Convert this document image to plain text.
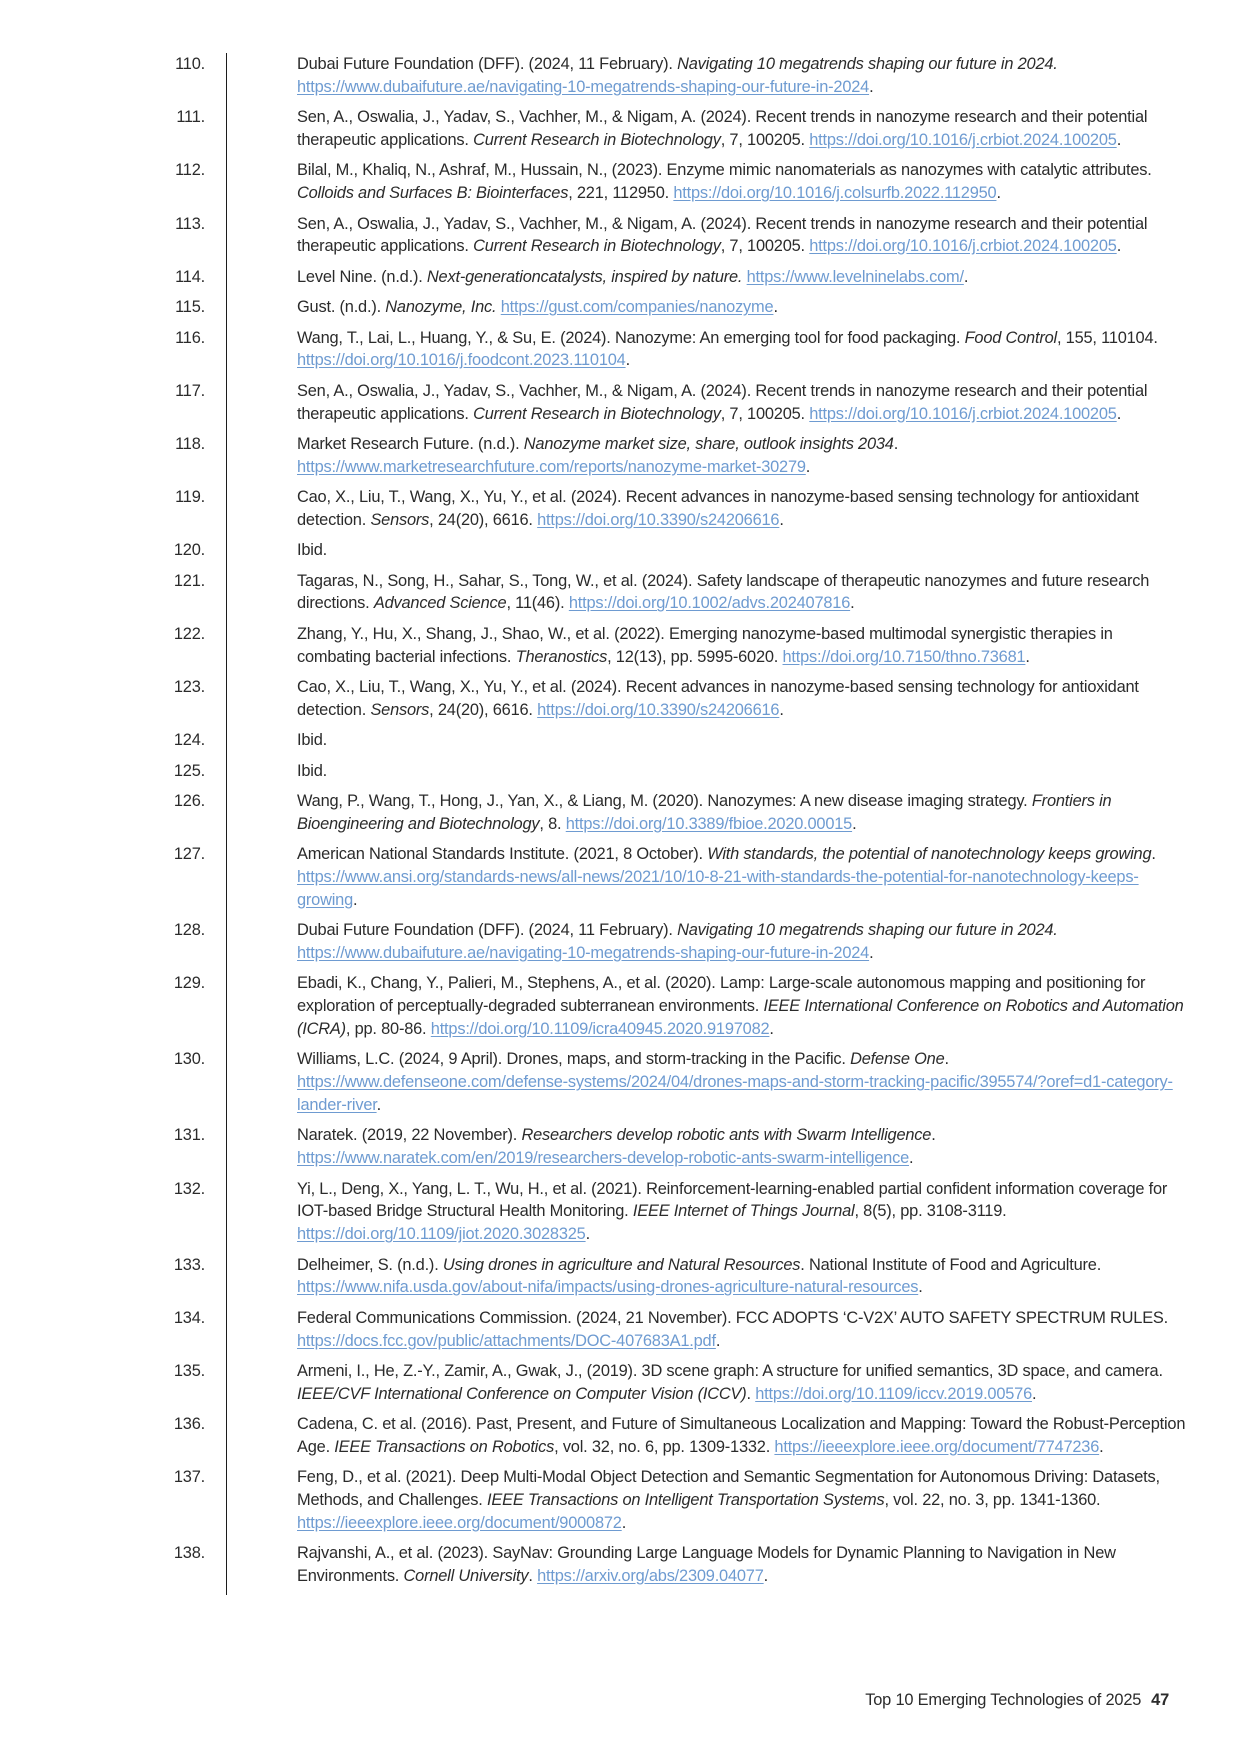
110.	Dubai Future Foundation (DFF). (2024, 11 February). Navigating 10 megatrends shaping our future in 2024. https://www.dubaifuture.ae/navigating-10-megatrends-shaping-our-future-in-2024.
111.	Sen, A., Oswalia, J., Yadav, S., Vachher, M., & Nigam, A. (2024). Recent trends in nanozyme research and their potential therapeutic applications. Current Research in Biotechnology, 7, 100205. https://doi.org/10.1016/j.crbiot.2024.100205.
112.	Bilal, M., Khaliq, N., Ashraf, M., Hussain, N., (2023). Enzyme mimic nanomaterials as nanozymes with catalytic attributes. Colloids and Surfaces B: Biointerfaces, 221, 112950. https://doi.org/10.1016/j.colsurfb.2022.112950.
113.	Sen, A., Oswalia, J., Yadav, S., Vachher, M., & Nigam, A. (2024). Recent trends in nanozyme research and their potential therapeutic applications. Current Research in Biotechnology, 7, 100205. https://doi.org/10.1016/j.crbiot.2024.100205.
114.	Level Nine. (n.d.). Next-generationcatalysts, inspired by nature. https://www.levelninelabs.com/.
115.	Gust. (n.d.). Nanozyme, Inc. https://gust.com/companies/nanozyme.
116.	Wang, T., Lai, L., Huang, Y., & Su, E. (2024). Nanozyme: An emerging tool for food packaging. Food Control, 155, 110104. https://doi.org/10.1016/j.foodcont.2023.110104.
117.	Sen, A., Oswalia, J., Yadav, S., Vachher, M., & Nigam, A. (2024). Recent trends in nanozyme research and their potential therapeutic applications. Current Research in Biotechnology, 7, 100205. https://doi.org/10.1016/j.crbiot.2024.100205.
118.	Market Research Future. (n.d.). Nanozyme market size, share, outlook insights 2034. https://www.marketresearchfuture.com/reports/nanozyme-market-30279.
119.	Cao, X., Liu, T., Wang, X., Yu, Y., et al. (2024). Recent advances in nanozyme-based sensing technology for antioxidant detection. Sensors, 24(20), 6616. https://doi.org/10.3390/s24206616.
120.	Ibid.
121.	Tagaras, N., Song, H., Sahar, S., Tong, W., et al. (2024). Safety landscape of therapeutic nanozymes and future research directions. Advanced Science, 11(46). https://doi.org/10.1002/advs.202407816.
122.	Zhang, Y., Hu, X., Shang, J., Shao, W., et al. (2022). Emerging nanozyme-based multimodal synergistic therapies in combating bacterial infections. Theranostics, 12(13), pp. 5995-6020. https://doi.org/10.7150/thno.73681.
123.	Cao, X., Liu, T., Wang, X., Yu, Y., et al. (2024). Recent advances in nanozyme-based sensing technology for antioxidant detection. Sensors, 24(20), 6616. https://doi.org/10.3390/s24206616.
124.	Ibid.
125.	Ibid.
126.	Wang, P., Wang, T., Hong, J., Yan, X., & Liang, M. (2020). Nanozymes: A new disease imaging strategy. Frontiers in Bioengineering and Biotechnology, 8. https://doi.org/10.3389/fbioe.2020.00015.
127.	American National Standards Institute. (2021, 8 October). With standards, the potential of nanotechnology keeps growing. https://www.ansi.org/standards-news/all-news/2021/10/10-8-21-with-standards-the-potential-for-nanotechnology-keeps-growing.
128.	Dubai Future Foundation (DFF). (2024, 11 February). Navigating 10 megatrends shaping our future in 2024. https://www.dubaifuture.ae/navigating-10-megatrends-shaping-our-future-in-2024.
129.	Ebadi, K., Chang, Y., Palieri, M., Stephens, A., et al. (2020). Lamp: Large-scale autonomous mapping and positioning for exploration of perceptually-degraded subterranean environments. IEEE International Conference on Robotics and Automation (ICRA), pp. 80-86. https://doi.org/10.1109/icra40945.2020.9197082.
130.	Williams, L.C. (2024, 9 April). Drones, maps, and storm-tracking in the Pacific. Defense One. https://www.defenseone.com/defense-systems/2024/04/drones-maps-and-storm-tracking-pacific/395574/?oref=d1-category-lander-river.
131.	Naratek. (2019, 22 November). Researchers develop robotic ants with Swarm Intelligence. https://www.naratek.com/en/2019/researchers-develop-robotic-ants-swarm-intelligence.
132.	Yi, L., Deng, X., Yang, L. T., Wu, H., et al. (2021). Reinforcement-learning-enabled partial confident information coverage for IOT-based Bridge Structural Health Monitoring. IEEE Internet of Things Journal, 8(5), pp. 3108-3119. https://doi.org/10.1109/jiot.2020.3028325.
133.	Delheimer, S. (n.d.). Using drones in agriculture and Natural Resources. National Institute of Food and Agriculture. https://www.nifa.usda.gov/about-nifa/impacts/using-drones-agriculture-natural-resources.
134.	Federal Communications Commission. (2024, 21 November). FCC ADOPTS ‘C-V2X’ AUTO SAFETY SPECTRUM RULES. https://docs.fcc.gov/public/attachments/DOC-407683A1.pdf.
135.	Armeni, I., He, Z.-Y., Zamir, A., Gwak, J., (2019). 3D scene graph: A structure for unified semantics, 3D space, and camera. IEEE/CVF International Conference on Computer Vision (ICCV). https://doi.org/10.1109/iccv.2019.00576.
136.	Cadena, C. et al. (2016). Past, Present, and Future of Simultaneous Localization and Mapping: Toward the Robust-Perception Age. IEEE Transactions on Robotics, vol. 32, no. 6, pp. 1309-1332. https://ieeexplore.ieee.org/document/7747236.
137.	Feng, D., et al. (2021). Deep Multi-Modal Object Detection and Semantic Segmentation for Autonomous Driving: Datasets, Methods, and Challenges. IEEE Transactions on Intelligent Transportation Systems, vol. 22, no. 3, pp. 1341-1360. https://ieeexplore.ieee.org/document/9000872.
138.	Rajvanshi, A., et al. (2023). SayNav: Grounding Large Language Models for Dynamic Planning to Navigation in New Environments. Cornell University. https://arxiv.org/abs/2309.04077.
Top 10 Emerging Technologies of 2025 47
